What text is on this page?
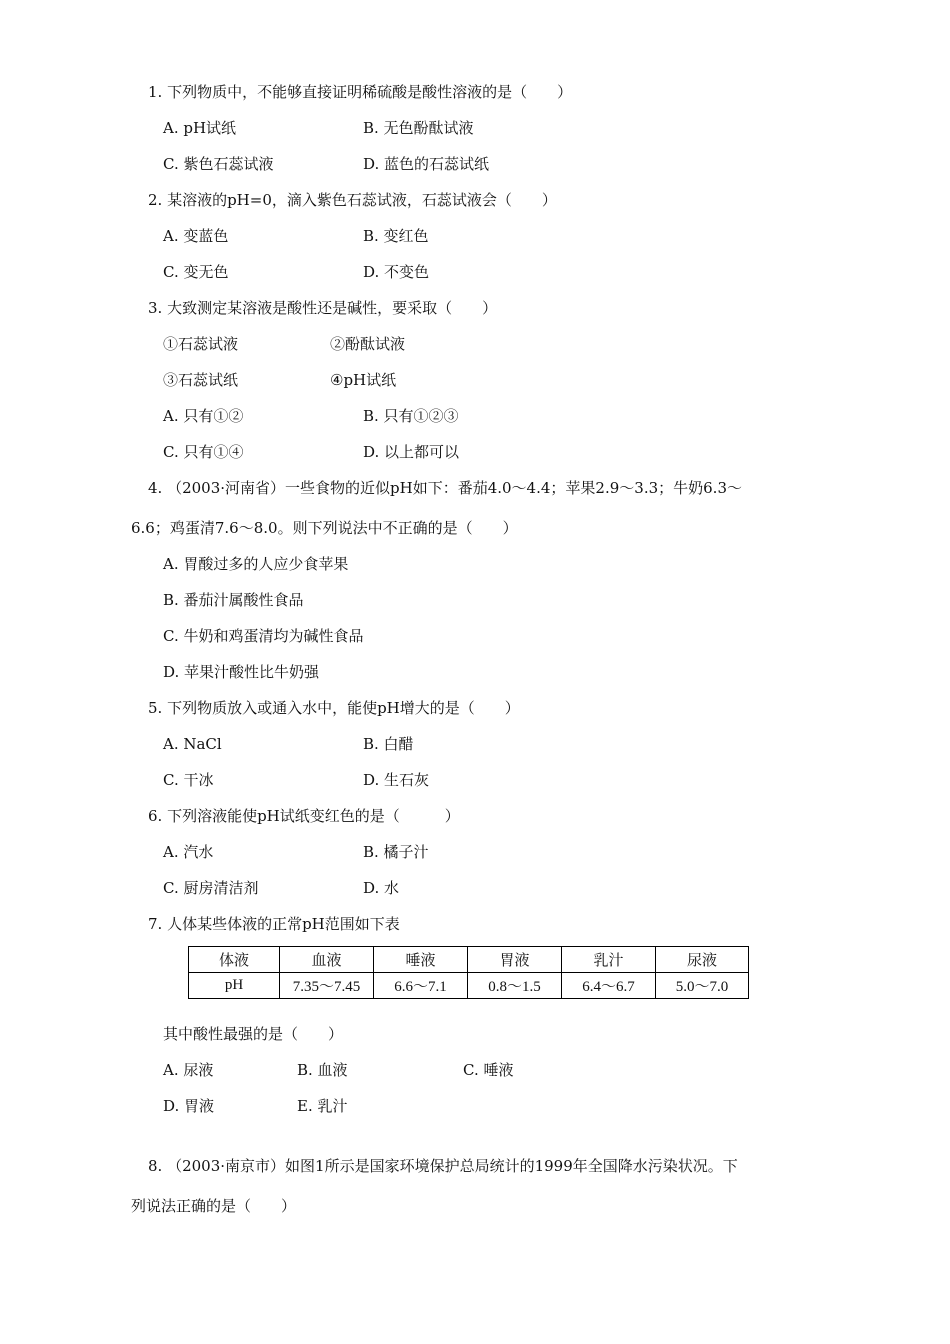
1. 下列物质中，不能够直接证明稀硫酸是酸性溶液的是（　　）
A. pH试纸	B. 无色酚酞试液
C. 紫色石蕊试液	D. 蓝色的石蕊试纸
2. 某溶液的pH=0，滴入紫色石蕊试液，石蕊试液会（　　）
A. 变蓝色	B. 变红色
C. 变无色	D. 不变色
3. 大致测定某溶液是酸性还是碱性，要采取（　　）
①石蕊试液	②酚酞试液
③石蕊试纸	④pH试纸
A. 只有①②	B. 只有①②③
C. 只有①④	D. 以上都可以
4. （2003·河南省）一些食物的近似pH如下：番茄4.0～4.4；苹果2.9～3.3；牛奶6.3～
6.6；鸡蛋清7.6～8.0。则下列说法中不正确的是（　　）
A. 胃酸过多的人应少食苹果
B. 番茄汁属酸性食品
C. 牛奶和鸡蛋清均为碱性食品
D. 苹果汁酸性比牛奶强
5. 下列物质放入或通入水中，能使pH增大的是（　　）
A. NaCl	B. 白醋
C. 干冰	D. 生石灰
6. 下列溶液能使pH试纸变红色的是（　　　）
A. 汽水	B. 橘子汁
C. 厨房清洁剂	D. 水
7. 人体某些体液的正常pH范围如下表
体液	血液	唾液	胃液	乳汁	尿液
pH	7.35～7.45	6.6～7.1	0.8～1.5	6.4～6.7	5.0～7.0
其中酸性最强的是（　　）
A. 尿液	B. 血液	C. 唾液
D. 胃液	E. 乳汁
8. （2003·南京市）如图1所示是国家环境保护总局统计的1999年全国降水污染状况。下
列说法正确的是（　　）
